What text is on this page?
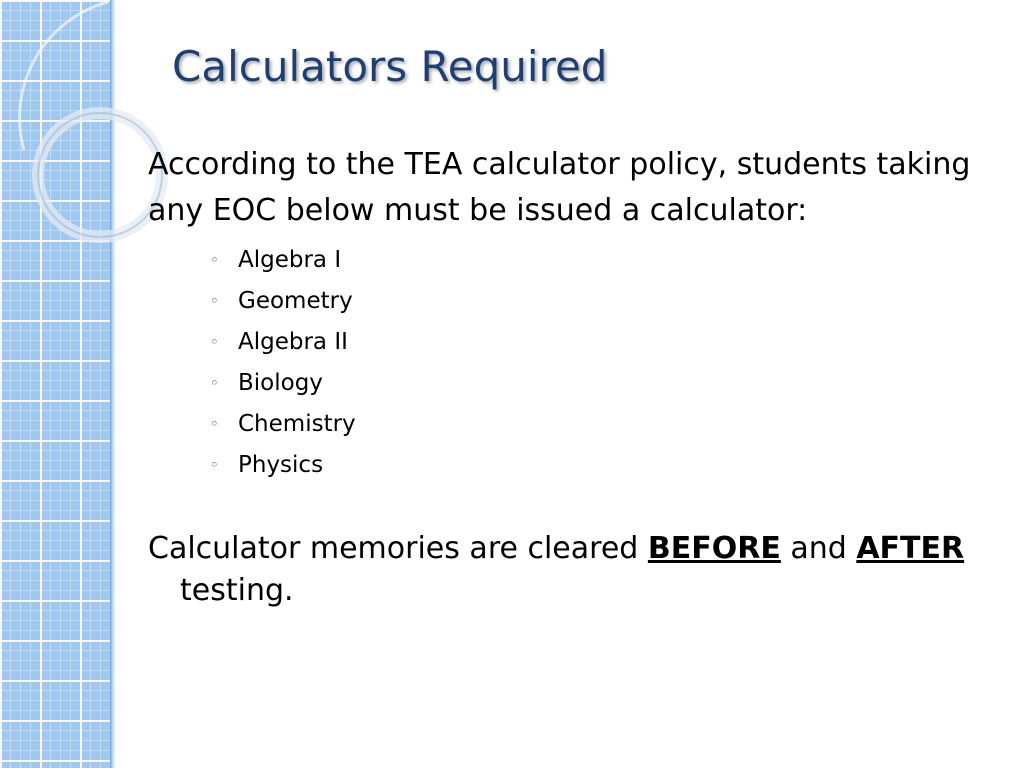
Calculators Required

According to the TEA calculator policy, students taking any EOC below must be issued a calculator:

◦ Algebra I
◦ Geometry
◦ Algebra II
◦ Biology
◦ Chemistry
◦ Physics

Calculator memories are cleared BEFORE and AFTER testing.
